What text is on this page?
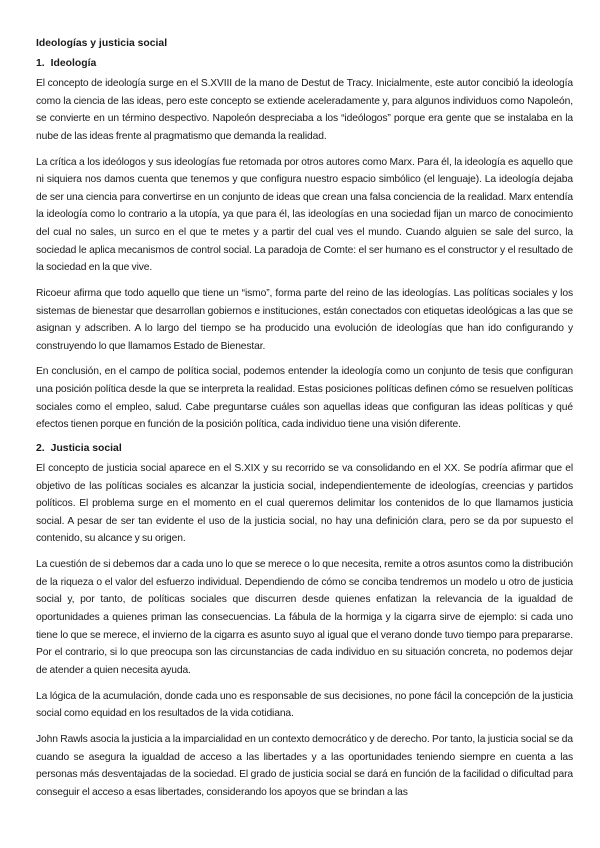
Ideologías y justicia social
1. Ideología

El concepto de ideología surge en el S.XVIII de la mano de Destut de Tracy. Inicialmente, este autor concibió la ideología como la ciencia de las ideas, pero este concepto se extiende aceleradamente y, para algunos individuos como Napoleón, se convierte en un término despectivo. Napoleón despreciaba a los “ideólogos” porque era gente que se instalaba en la nube de las ideas frente al pragmatismo que demanda la realidad.

La crítica a los ideólogos y sus ideologías fue retomada por otros autores como Marx. Para él, la ideología es aquello que ni siquiera nos damos cuenta que tenemos y que configura nuestro espacio simbólico (el lenguaje). La ideología dejaba de ser una ciencia para convertirse en un conjunto de ideas que crean una falsa conciencia de la realidad. Marx entendía la ideología como lo contrario a la utopía, ya que para él, las ideologías en una sociedad fijan un marco de conocimiento del cual no sales, un surco en el que te metes y a partir del cual ves el mundo. Cuando alguien se sale del surco, la sociedad le aplica mecanismos de control social. La paradoja de Comte: el ser humano es el constructor y el resultado de la sociedad en la que vive.

Ricoeur afirma que todo aquello que tiene un “ismo”, forma parte del reino de las ideologías. Las políticas sociales y los sistemas de bienestar que desarrollan gobiernos e instituciones, están conectados con etiquetas ideológicas a las que se asignan y adscriben. A lo largo del tiempo se ha producido una evolución de ideologías que han ido configurando y construyendo lo que llamamos Estado de Bienestar.

En conclusión, en el campo de política social, podemos entender la ideología como un conjunto de tesis que configuran una posición política desde la que se interpreta la realidad. Estas posiciones políticas definen cómo se resuelven políticas sociales como el empleo, salud. Cabe preguntarse cuáles son aquellas ideas que configuran las ideas políticas y qué efectos tienen porque en función de la posición política, cada individuo tiene una visión diferente.

2. Justicia social

El concepto de justicia social aparece en el S.XIX y su recorrido se va consolidando en el XX. Se podría afirmar que el objetivo de las políticas sociales es alcanzar la justicia social, independientemente de ideologías, creencias y partidos políticos. El problema surge en el momento en el cual queremos delimitar los contenidos de lo que llamamos justicia social. A pesar de ser tan evidente el uso de la justicia social, no hay una definición clara, pero se da por supuesto el contenido, su alcance y su origen.

La cuestión de si debemos dar a cada uno lo que se merece o lo que necesita, remite a otros asuntos como la distribución de la riqueza o el valor del esfuerzo individual. Dependiendo de cómo se conciba tendremos un modelo u otro de justicia social y, por tanto, de políticas sociales que discurren desde quienes enfatizan la relevancia de la igualdad de oportunidades a quienes priman las consecuencias. La fábula de la hormiga y la cigarra sirve de ejemplo: si cada uno tiene lo que se merece, el invierno de la cigarra es asunto suyo al igual que el verano donde tuvo tiempo para prepararse. Por el contrario, si lo que preocupa son las circunstancias de cada individuo en su situación concreta, no podemos dejar de atender a quien necesita ayuda.

La lógica de la acumulación, donde cada uno es responsable de sus decisiones, no pone fácil la concepción de la justicia social como equidad en los resultados de la vida cotidiana.

John Rawls asocia la justicia a la imparcialidad en un contexto democrático y de derecho. Por tanto, la justicia social se da cuando se asegura la igualdad de acceso a las libertades y a las oportunidades teniendo siempre en cuenta a las personas más desventajadas de la sociedad. El grado de justicia social se dará en función de la facilidad o dificultad para conseguir el acceso a esas libertades, considerando los apoyos que se brindan a las
